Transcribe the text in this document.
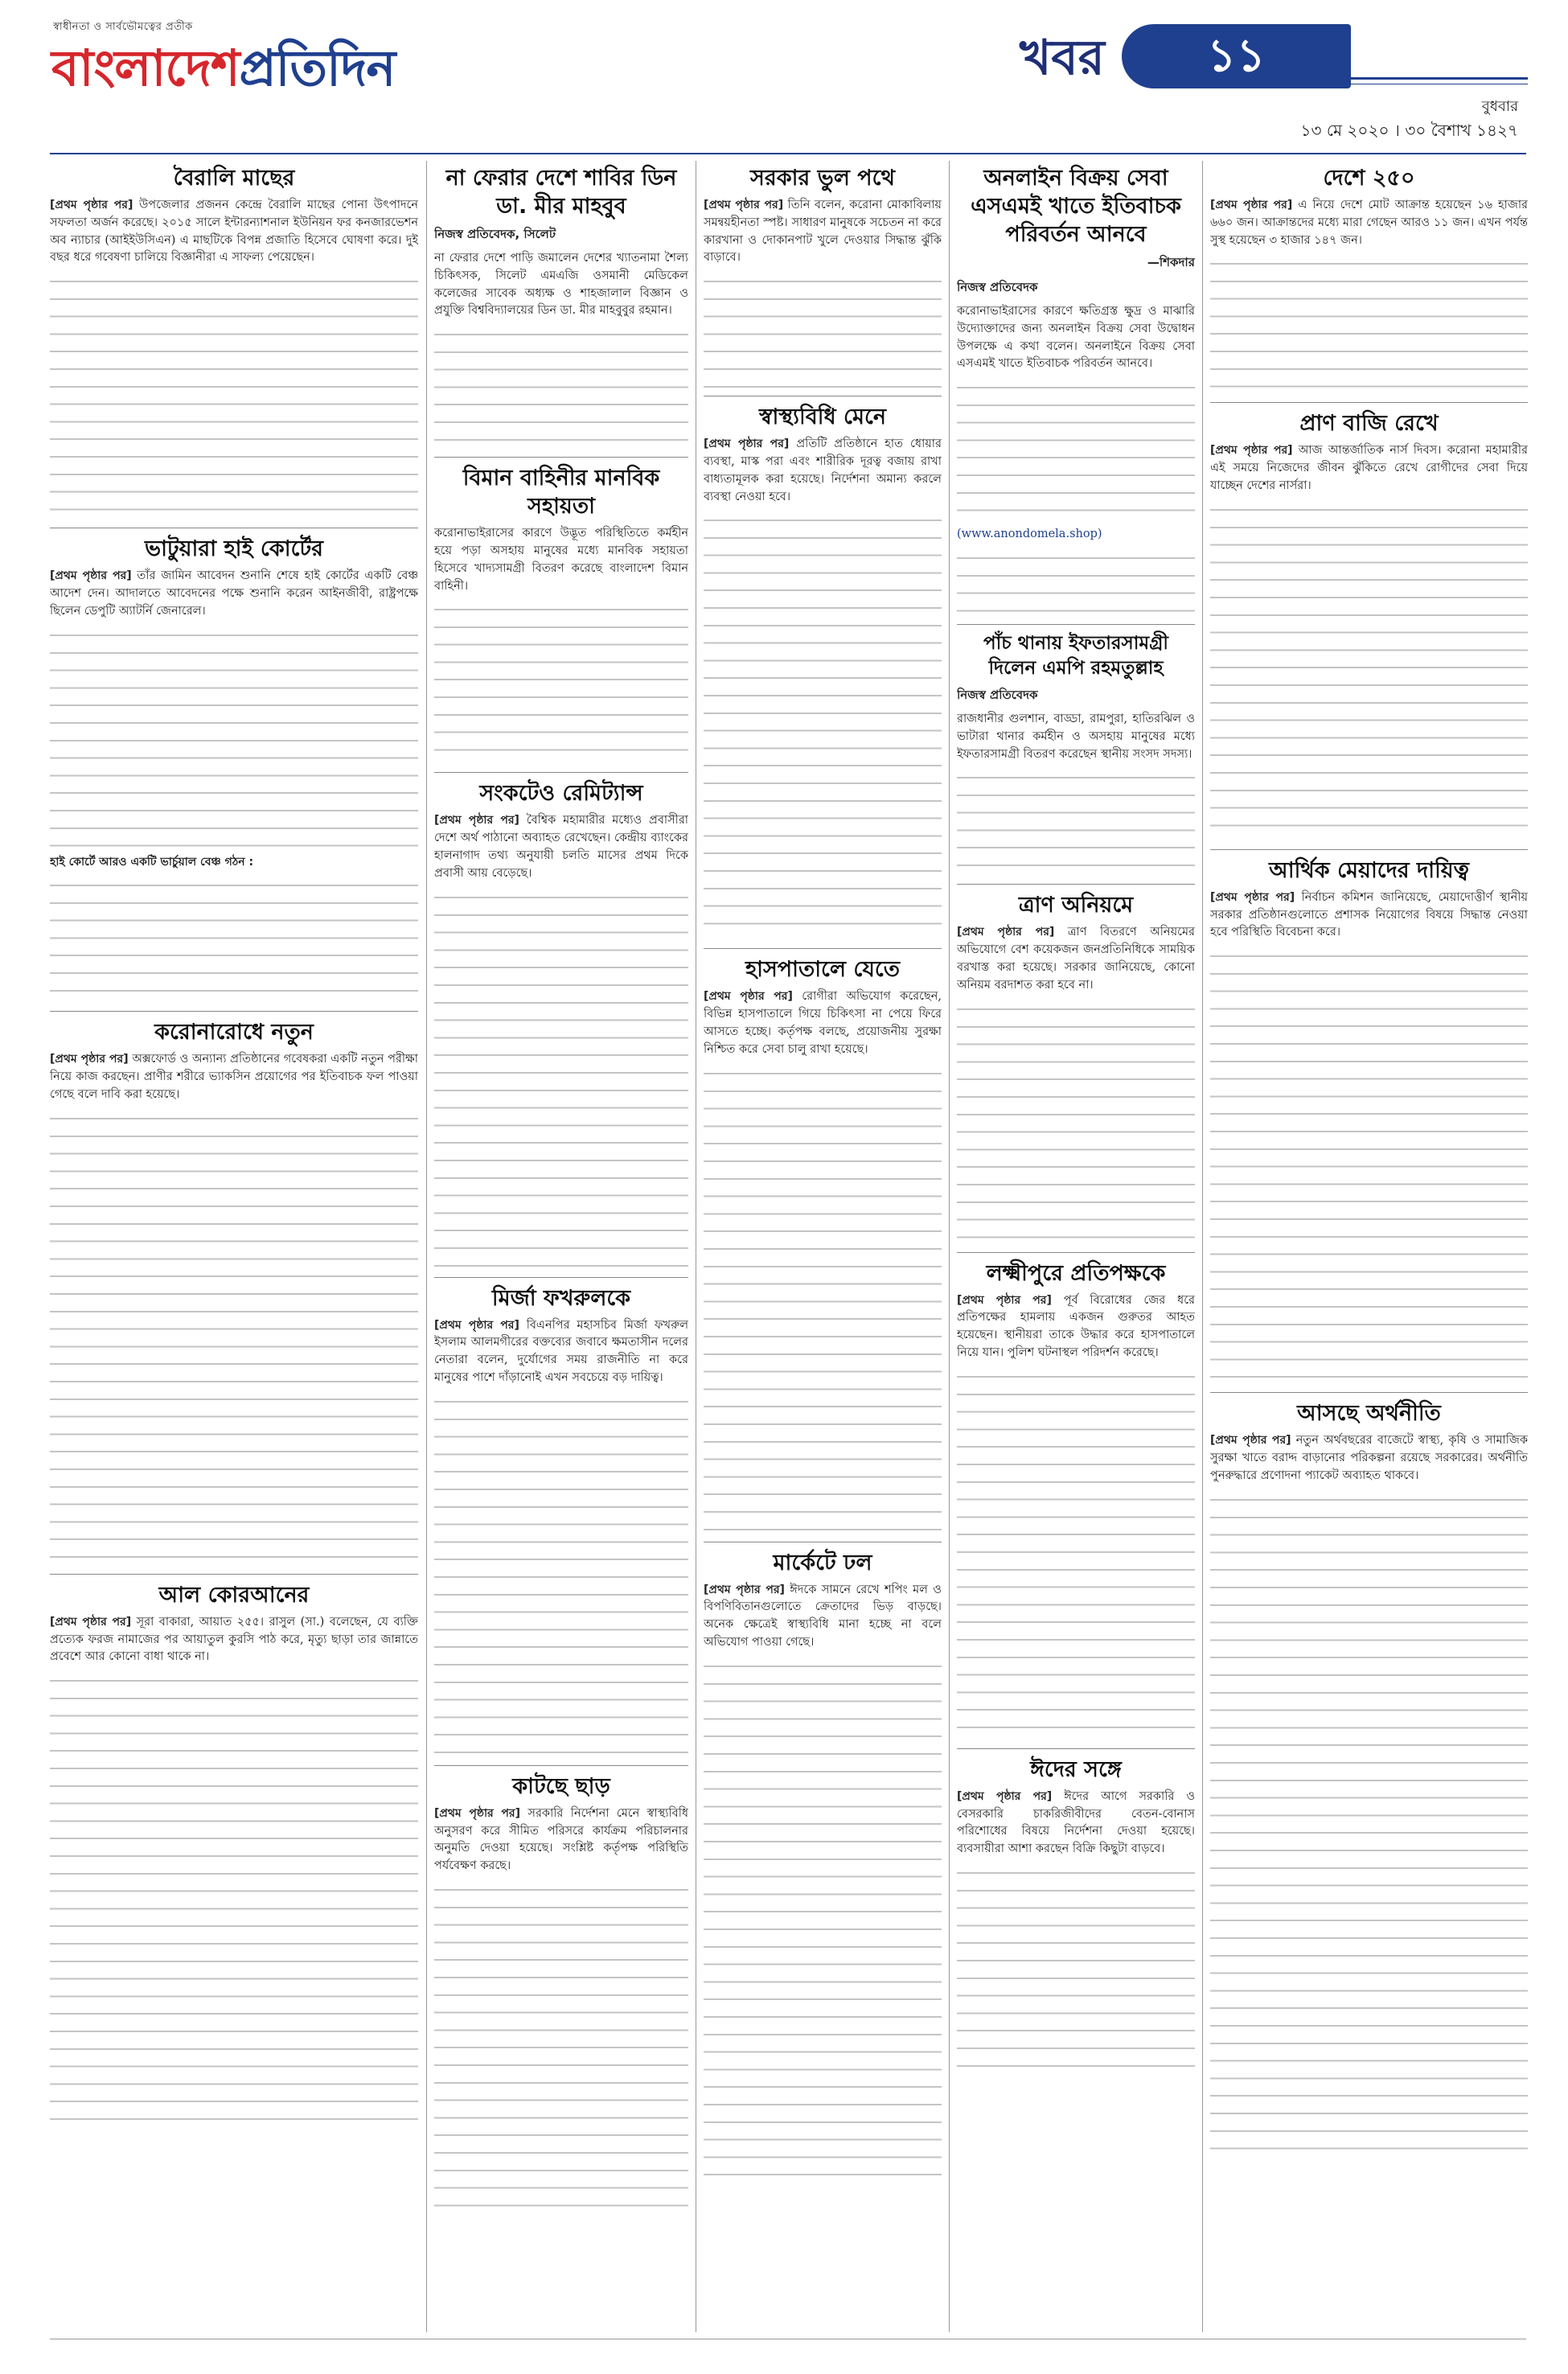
স্বাধীনতা ও সার্বভৌমত্বের প্রতীক
বাংলাদেশপ্রতিদিন	খবর	১১
বুধবার
১৩ মে ২০২০ । ৩০ বৈশাখ ১৪২৭
বৈরালি মাছের

[প্রথম পৃষ্ঠার পর] উপজেলার প্রজনন কেন্দ্রে বৈরালি মাছের পোনা উৎপাদনে সফলতা অর্জন করেছে। ২০১৫ সালে ইন্টারন্যাশনাল ইউনিয়ন ফর কনজারভেশন অব ন্যাচার (আইইউসিএন) এ মাছটিকে বিপন্ন প্রজাতি হিসেবে ঘোষণা করে। দুই বছর ধরে গবেষণা চালিয়ে বিজ্ঞানীরা এ সাফল্য পেয়েছেন।

ভাটুয়ারা হাই কোর্টের

[প্রথম পৃষ্ঠার পর] তাঁর জামিন আবেদন শুনানি শেষে হাই কোর্টের একটি বেঞ্চ আদেশ দেন। আদালতে আবেদনের পক্ষে শুনানি করেন আইনজীবী, রাষ্ট্রপক্ষে ছিলেন ডেপুটি অ্যাটর্নি জেনারেল।

হাই কোর্টে আরও একটি ভার্চুয়াল বেঞ্চ গঠন :

করোনারোধে নতুন

[প্রথম পৃষ্ঠার পর] অক্সফোর্ড ও অন্যান্য প্রতিষ্ঠানের গবেষকরা একটি নতুন পরীক্ষা নিয়ে কাজ করছেন। প্রাণীর শরীরে ভ্যাকসিন প্রয়োগের পর ইতিবাচক ফল পাওয়া গেছে বলে দাবি করা হয়েছে।

আল কোরআনের

[প্রথম পৃষ্ঠার পর] সূরা বাকারা, আয়াত ২৫৫। রাসুল (সা.) বলেছেন, যে ব্যক্তি প্রত্যেক ফরজ নামাজের পর আয়াতুল কুরসি পাঠ করে, মৃত্যু ছাড়া তার জান্নাতে প্রবেশে আর কোনো বাধা থাকে না।

না ফেরার দেশে শাবির ডিন ডা. মীর মাহবুব
নিজস্ব প্রতিবেদক, সিলেট

না ফেরার দেশে পাড়ি জমালেন দেশের খ্যাতনামা শৈল্য চিকিৎসক, সিলেট এমএজি ওসমানী মেডিকেল কলেজের সাবেক অধ্যক্ষ ও শাহজালাল বিজ্ঞান ও প্রযুক্তি বিশ্ববিদ্যালয়ের ডিন ডা. মীর মাহবুবুর রহমান।

বিমান বাহিনীর মানবিক সহায়তা

করোনাভাইরাসের কারণে উদ্ভূত পরিস্থিতিতে কর্মহীন হয়ে পড়া অসহায় মানুষের মধ্যে মানবিক সহায়তা হিসেবে খাদ্যসামগ্রী বিতরণ করেছে বাংলাদেশ বিমান বাহিনী।

সংকটেও রেমিট্যান্স

[প্রথম পৃষ্ঠার পর] বৈশ্বিক মহামারীর মধ্যেও প্রবাসীরা দেশে অর্থ পাঠানো অব্যাহত রেখেছেন। কেন্দ্রীয় ব্যাংকের হালনাগাদ তথ্য অনুযায়ী চলতি মাসের প্রথম দিকে প্রবাসী আয় বেড়েছে।

মির্জা ফখরুলকে

[প্রথম পৃষ্ঠার পর] বিএনপির মহাসচিব মির্জা ফখরুল ইসলাম আলমগীরের বক্তব্যের জবাবে ক্ষমতাসীন দলের নেতারা বলেন, দুর্যোগের সময় রাজনীতি না করে মানুষের পাশে দাঁড়ানোই এখন সবচেয়ে বড় দায়িত্ব।

কাটছে ছাড়

[প্রথম পৃষ্ঠার পর] সরকারি নির্দেশনা মেনে স্বাস্থ্যবিধি অনুসরণ করে সীমিত পরিসরে কার্যক্রম পরিচালনার অনুমতি দেওয়া হয়েছে। সংশ্লিষ্ট কর্তৃপক্ষ পরিস্থিতি পর্যবেক্ষণ করছে।

সরকার ভুল পথে

[প্রথম পৃষ্ঠার পর] তিনি বলেন, করোনা মোকাবিলায় সমন্বয়হীনতা স্পষ্ট। সাধারণ মানুষকে সচেতন না করে কারখানা ও দোকানপাট খুলে দেওয়ার সিদ্ধান্ত ঝুঁকি বাড়াবে।

স্বাস্থ্যবিধি মেনে

[প্রথম পৃষ্ঠার পর] প্রতিটি প্রতিষ্ঠানে হাত ধোয়ার ব্যবস্থা, মাস্ক পরা এবং শারীরিক দূরত্ব বজায় রাখা বাধ্যতামূলক করা হয়েছে। নির্দেশনা অমান্য করলে ব্যবস্থা নেওয়া হবে।

হাসপাতালে যেতে

[প্রথম পৃষ্ঠার পর] রোগীরা অভিযোগ করেছেন, বিভিন্ন হাসপাতালে গিয়ে চিকিৎসা না পেয়ে ফিরে আসতে হচ্ছে। কর্তৃপক্ষ বলছে, প্রয়োজনীয় সুরক্ষা নিশ্চিত করে সেবা চালু রাখা হয়েছে।

মার্কেটে ঢল

[প্রথম পৃষ্ঠার পর] ঈদকে সামনে রেখে শপিং মল ও বিপণিবিতানগুলোতে ক্রেতাদের ভিড় বাড়ছে। অনেক ক্ষেত্রেই স্বাস্থ্যবিধি মানা হচ্ছে না বলে অভিযোগ পাওয়া গেছে।

অনলাইন বিক্রয় সেবা এসএমই খাতে ইতিবাচক পরিবর্তন আনবে
—শিকদার
নিজস্ব প্রতিবেদক

করোনাভাইরাসের কারণে ক্ষতিগ্রস্ত ক্ষুদ্র ও মাঝারি উদ্যোক্তাদের জন্য অনলাইন বিক্রয় সেবা উদ্বোধন উপলক্ষে এ কথা বলেন। অনলাইনে বিক্রয় সেবা এসএমই খাতে ইতিবাচক পরিবর্তন আনবে।

(www.anondomela.shop)

পাঁচ থানায় ইফতারসামগ্রী দিলেন এমপি রহমতুল্লাহ
নিজস্ব প্রতিবেদক

রাজধানীর গুলশান, বাড্ডা, রামপুরা, হাতিরঝিল ও ভাটারা থানার কর্মহীন ও অসহায় মানুষের মধ্যে ইফতারসামগ্রী বিতরণ করেছেন স্থানীয় সংসদ সদস্য।

ত্রাণ অনিয়মে

[প্রথম পৃষ্ঠার পর] ত্রাণ বিতরণে অনিয়মের অভিযোগে বেশ কয়েকজন জনপ্রতিনিধিকে সাময়িক বরখাস্ত করা হয়েছে। সরকার জানিয়েছে, কোনো অনিয়ম বরদাশত করা হবে না।

লক্ষ্মীপুরে প্রতিপক্ষকে

[প্রথম পৃষ্ঠার পর] পূর্ব বিরোধের জের ধরে প্রতিপক্ষের হামলায় একজন গুরুতর আহত হয়েছেন। স্থানীয়রা তাকে উদ্ধার করে হাসপাতালে নিয়ে যান। পুলিশ ঘটনাস্থল পরিদর্শন করেছে।

ঈদের সঙ্গে

[প্রথম পৃষ্ঠার পর] ঈদের আগে সরকারি ও বেসরকারি চাকরিজীবীদের বেতন-বোনাস পরিশোধের বিষয়ে নির্দেশনা দেওয়া হয়েছে। ব্যবসায়ীরা আশা করছেন বিক্রি কিছুটা বাড়বে।

দেশে ২৫০

[প্রথম পৃষ্ঠার পর] এ নিয়ে দেশে মোট আক্রান্ত হয়েছেন ১৬ হাজার ৬৬০ জন। আক্রান্তদের মধ্যে মারা গেছেন আরও ১১ জন। এখন পর্যন্ত সুস্থ হয়েছেন ৩ হাজার ১৪৭ জন।

প্রাণ বাজি রেখে

[প্রথম পৃষ্ঠার পর] আজ আন্তর্জাতিক নার্স দিবস। করোনা মহামারীর এই সময়ে নিজেদের জীবন ঝুঁকিতে রেখে রোগীদের সেবা দিয়ে যাচ্ছেন দেশের নার্সরা।

আর্থিক মেয়াদের দায়িত্ব

[প্রথম পৃষ্ঠার পর] নির্বাচন কমিশন জানিয়েছে, মেয়াদোত্তীর্ণ স্থানীয় সরকার প্রতিষ্ঠানগুলোতে প্রশাসক নিয়োগের বিষয়ে সিদ্ধান্ত নেওয়া হবে পরিস্থিতি বিবেচনা করে।

আসছে অর্থনীতি

[প্রথম পৃষ্ঠার পর] নতুন অর্থবছরের বাজেটে স্বাস্থ্য, কৃষি ও সামাজিক সুরক্ষা খাতে বরাদ্দ বাড়ানোর পরিকল্পনা রয়েছে সরকারের। অর্থনীতি পুনরুদ্ধারে প্রণোদনা প্যাকেট অব্যাহত থাকবে।
